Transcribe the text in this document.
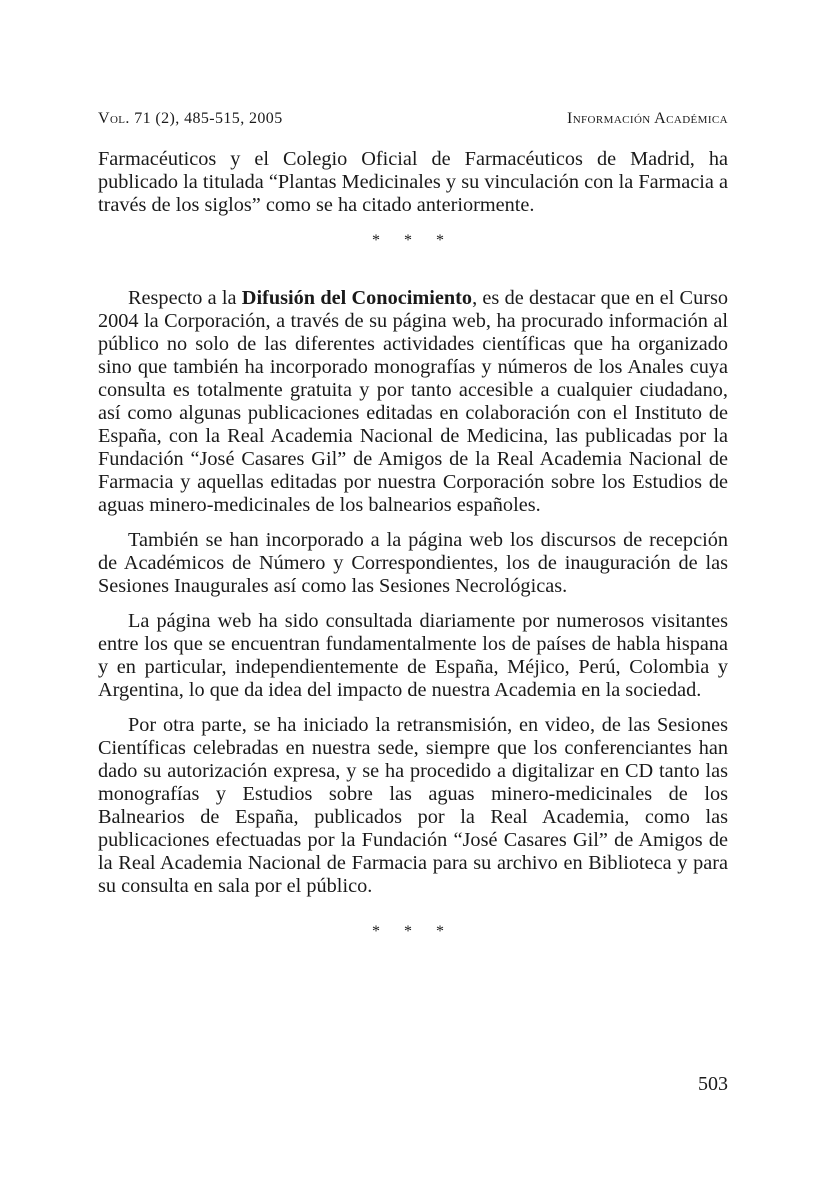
Vol. 71 (2), 485-515, 2005	Información Académica

Farmacéuticos y el Colegio Oficial de Farmacéuticos de Madrid, ha publicado la titulada “Plantas Medicinales y su vinculación con la Farmacia a través de los siglos” como se ha citado anteriormente.

* * *

Respecto a la Difusión del Conocimiento, es de destacar que en el Curso 2004 la Corporación, a través de su página web, ha procurado información al público no solo de las diferentes actividades científicas que ha organizado sino que también ha incorporado monografías y números de los Anales cuya consulta es totalmente gratuita y por tanto accesible a cualquier ciudadano, así como algunas publicaciones editadas en colaboración con el Instituto de España, con la Real Academia Nacional de Medicina, las publicadas por la Fundación “José Casares Gil” de Amigos de la Real Academia Nacional de Farmacia y aquellas editadas por nuestra Corporación sobre los Estudios de aguas minero-medicinales de los balnearios españoles.

También se han incorporado a la página web los discursos de recepción de Académicos de Número y Correspondientes, los de inauguración de las Sesiones Inaugurales así como las Sesiones Necrológicas.

La página web ha sido consultada diariamente por numerosos visitantes entre los que se encuentran fundamentalmente los de países de habla hispana y en particular, independientemente de España, Méjico, Perú, Colombia y Argentina, lo que da idea del impacto de nuestra Academia en la sociedad.

Por otra parte, se ha iniciado la retransmisión, en video, de las Sesiones Científicas celebradas en nuestra sede, siempre que los conferenciantes han dado su autorización expresa, y se ha procedido a digitalizar en CD tanto las monografías y Estudios sobre las aguas minero-medicinales de los Balnearios de España, publicados por la Real Academia, como las publicaciones efectuadas por la Fundación “José Casares Gil” de Amigos de la Real Academia Nacional de Farmacia para su archivo en Biblioteca y para su consulta en sala por el público.

* * *
503
